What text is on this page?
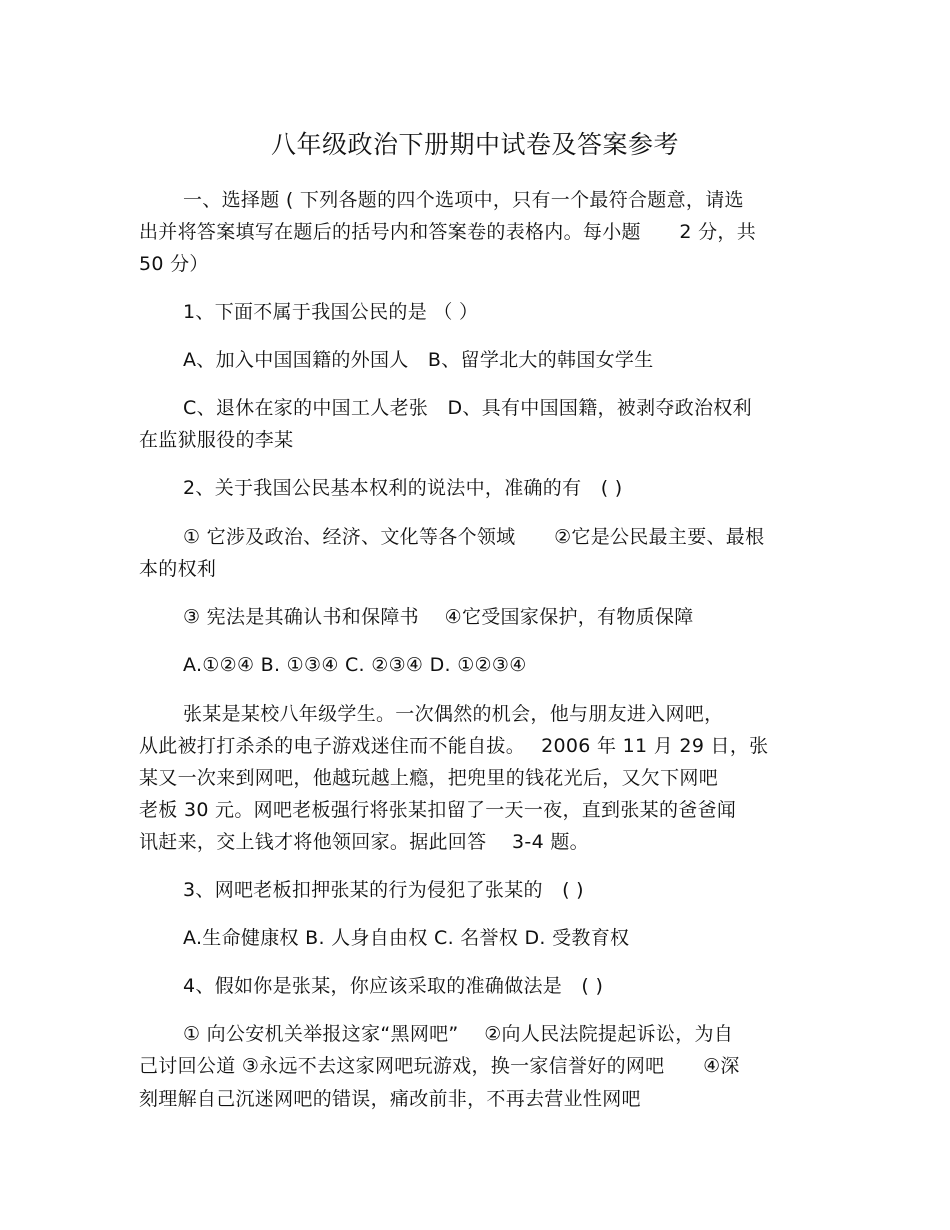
八年级政治下册期中试卷及答案参考
一、选择题 ( 下列各题的四个选项中，只有一个最符合题意，请选
出并将答案填写在题后的括号内和答案卷的表格内。每小题　　2 分，共
50 分）
1、下面不属于我国公民的是 （ ）
A、加入中国国籍的外国人　B、留学北大的韩国女学生
C、退休在家的中国工人老张　D、具有中国国籍，被剥夺政治权利
在监狱服役的李某
2、关于我国公民基本权利的说法中，准确的有　( )
① 它涉及政治、经济、文化等各个领域　　②它是公民最主要、最根
本的权利
③ 宪法是其确认书和保障书　 ④它受国家保护，有物质保障
A.①②④ B. ①③④ C. ②③④ D. ①②③④
张某是某校八年级学生。一次偶然的机会，他与朋友进入网吧，
从此被打打杀杀的电子游戏迷住而不能自拔。　 2006 年 11 月 29 日，张
某又一次来到网吧，他越玩越上瘾，把兜里的钱花光后，又欠下网吧
老板 30 元。网吧老板强行将张某扣留了一天一夜，直到张某的爸爸闻
讯赶来，交上钱才将他领回家。据此回答　 3-4 题。
3、网吧老板扣押张某的行为侵犯了张某的　( )
A.生命健康权 B. 人身自由权 C. 名誉权 D. 受教育权
4、假如你是张某，你应该采取的准确做法是　( )
① 向公安机关举报这家“黑网吧”　 ②向人民法院提起诉讼，为自
己讨回公道 ③永远不去这家网吧玩游戏，换一家信誉好的网吧　　④深
刻理解自己沉迷网吧的错误，痛改前非，不再去营业性网吧
